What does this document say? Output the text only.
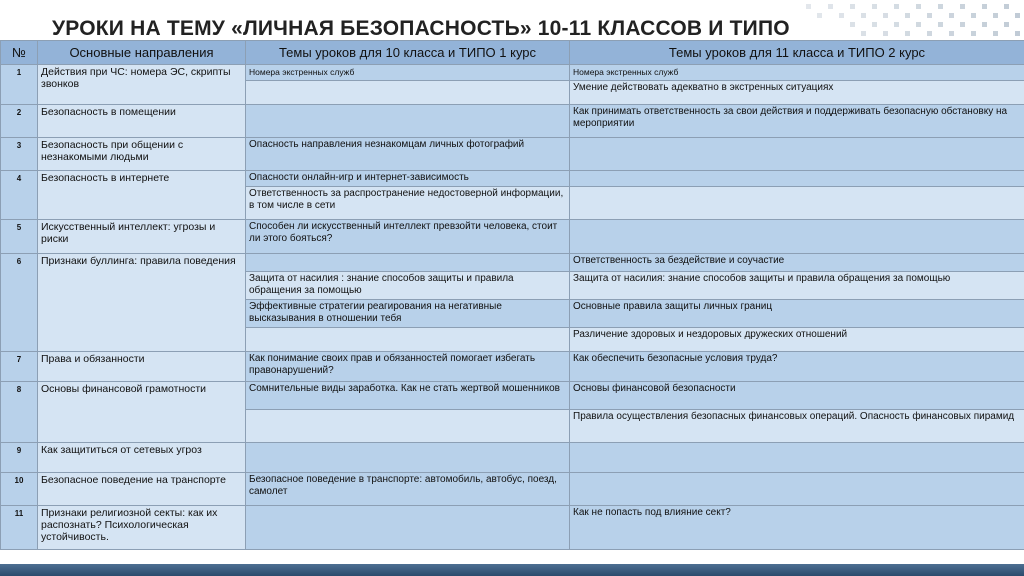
УРОКИ НА ТЕМУ «ЛИЧНАЯ БЕЗОПАСНОСТЬ» 10-11 КЛАССОВ И ТИПО
№	Основные направления	Темы уроков для 10 класса и ТИПО 1 курс	Темы уроков для 11 класса и ТИПО 2 курс
1	Действия при ЧС: номера ЭС, скрипты звонков	Номера экстренных служб	Номера экстренных служб
			Умение действовать адекватно в экстренных ситуациях
2	Безопасность в помещении		Как принимать ответственность за свои действия и поддерживать безопасную обстановку на мероприятии
3	Безопасность при общении с незнакомыми людьми	Опасность направления незнакомцам личных фотографий	
4	Безопасность в интернете	Опасности онлайн-игр и интернет-зависимость	
		Ответственность за распространение недостоверной информации, в том числе в сети	
5	Искусственный интеллект: угрозы и риски	Способен ли искусственный интеллект превзойти человека, стоит ли этого бояться?	
6	Признаки буллинга: правила поведения		Ответственность за бездействие и соучастие
		Защита от насилия : знание способов защиты и правила обращения за помощью	Защита от насилия: знание способов защиты и правила обращения за помощью
		Эффективные стратегии реагирования на негативные высказывания в отношении тебя	Основные правила защиты личных границ
			Различение здоровых и нездоровых дружеских отношений
7	Права и обязанности	Как понимание своих прав и обязанностей помогает избегать правонарушений?	Как обеспечить безопасные условия труда?
8	Основы финансовой грамотности	Сомнительные виды заработка. Как не стать жертвой мошенников	Основы финансовой безопасности
			Правила осуществления безопасных финансовых операций. Опасность финансовых пирамид
9	Как защититься от сетевых угроз		
10	Безопасное поведение на транспорте	Безопасное поведение в транспорте: автомобиль, автобус, поезд, самолет	
11	Признаки религиозной секты: как их распознать? Психологическая устойчивость.		Как не попасть под влияние сект?
